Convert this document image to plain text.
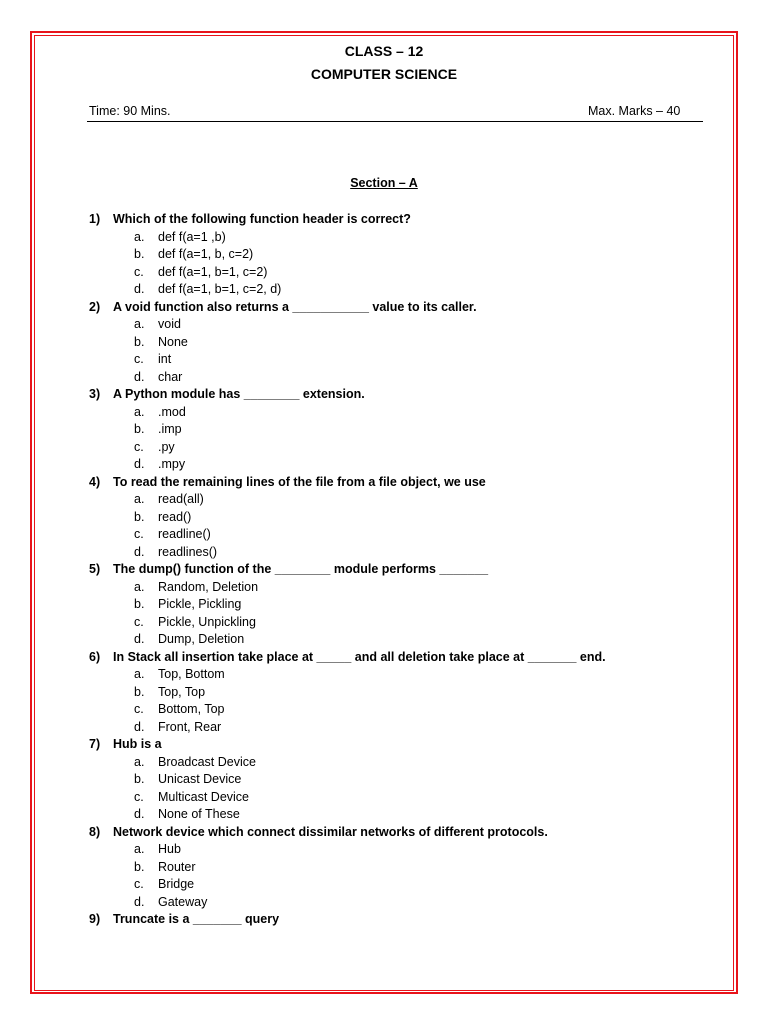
CLASS – 12
COMPUTER SCIENCE
Time: 90 Mins.	Max. Marks – 40
Section – A
1) Which of the following function header is correct?
a. def f(a=1 ,b)
b. def f(a=1, b, c=2)
c. def f(a=1, b=1, c=2)
d. def f(a=1, b=1, c=2, d)
2) A void function also returns a ___________ value to its caller.
a. void
b. None
c. int
d. char
3) A Python module has ________ extension.
a. .mod
b. .imp
c. .py
d. .mpy
4) To read the remaining lines of the file from a file object, we use
a. read(all)
b. read()
c. readline()
d. readlines()
5) The dump() function of the ________ module performs _______
a. Random, Deletion
b. Pickle, Pickling
c. Pickle, Unpickling
d. Dump, Deletion
6) In Stack all insertion take place at _____ and all deletion take place at _______ end.
a. Top, Bottom
b. Top, Top
c. Bottom, Top
d. Front, Rear
7) Hub is a
a. Broadcast Device
b. Unicast Device
c. Multicast Device
d. None of These
8) Network device which connect dissimilar networks of different protocols.
a. Hub
b. Router
c. Bridge
d. Gateway
9) Truncate is a _______ query
